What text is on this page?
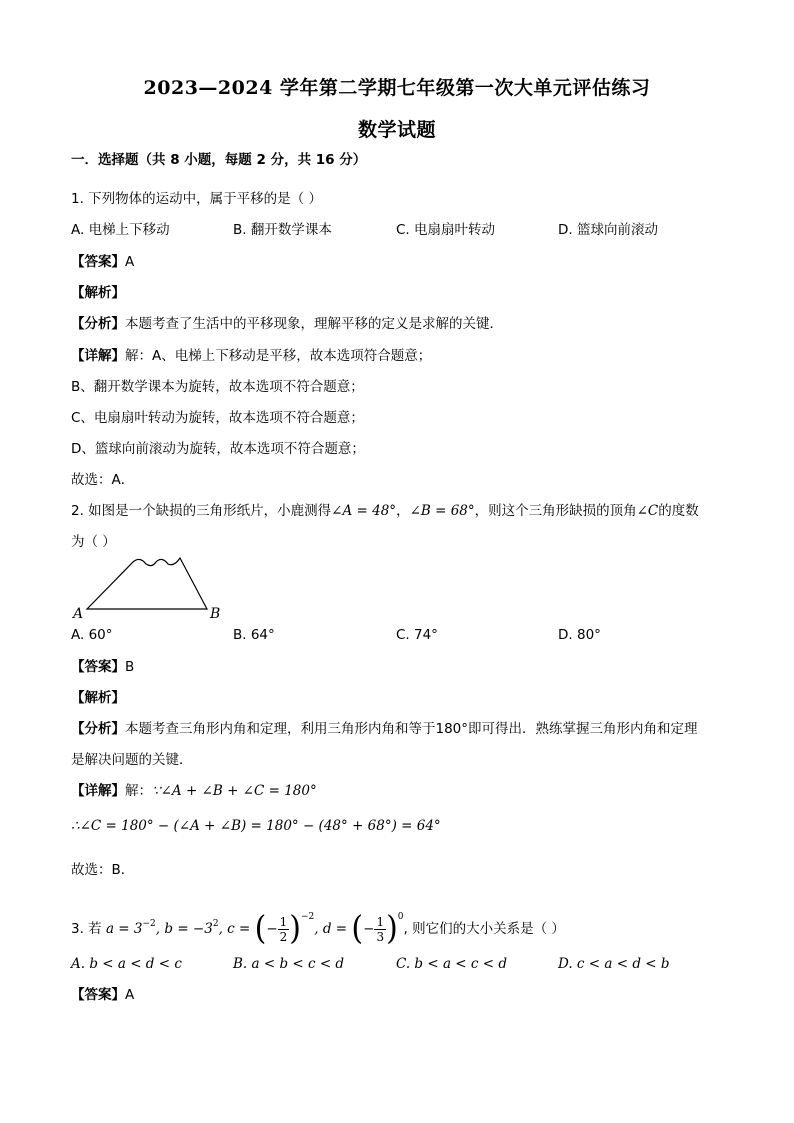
2023—2024 学年第二学期七年级第一次大单元评估练习
数学试题
一．选择题（共 8 小题，每题 2 分，共 16 分）
1. 下列物体的运动中，属于平移的是（ ）
A. 电梯上下移动	B. 翻开数学课本	C. 电扇扇叶转动	D. 篮球向前滚动
【答案】A
【解析】
【分析】本题考查了生活中的平移现象，理解平移的定义是求解的关键．
【详解】解：A、电梯上下移动是平移，故本选项符合题意；
B、翻开数学课本为旋转，故本选项不符合题意；
C、电扇扇叶转动为旋转，故本选项不符合题意；
D、篮球向前滚动为旋转，故本选项不符合题意；
故选：A．
2. 如图是一个缺损的三角形纸片，小鹿测得∠A = 48°，∠B = 68°，则这个三角形缺损的顶角∠C的度数
为（ ）
A	B
A. 60°	B. 64°	C. 74°	D. 80°
【答案】B
【解析】
【分析】本题考查三角形内角和定理，利用三角形内角和等于180°即可得出．熟练掌握三角形内角和定理
是解决问题的关键．
【详解】解：∵∠A + ∠B + ∠C = 180°
∴∠C = 180° − (∠A + ∠B) = 180° − (48° + 68°) = 64°
故选：B．
3. 若 $a = 3^{-2}$, $b = -3^2$, c = (− $\frac{1}{2} )^{-2}$, d = (− $\frac{1}{3} )^0$, 则它们的大小关系是（ ）
A. b < a < d < c	B. a < b < c < d	C. b < a < c < d	D. c < a < d < b
【答案】A
